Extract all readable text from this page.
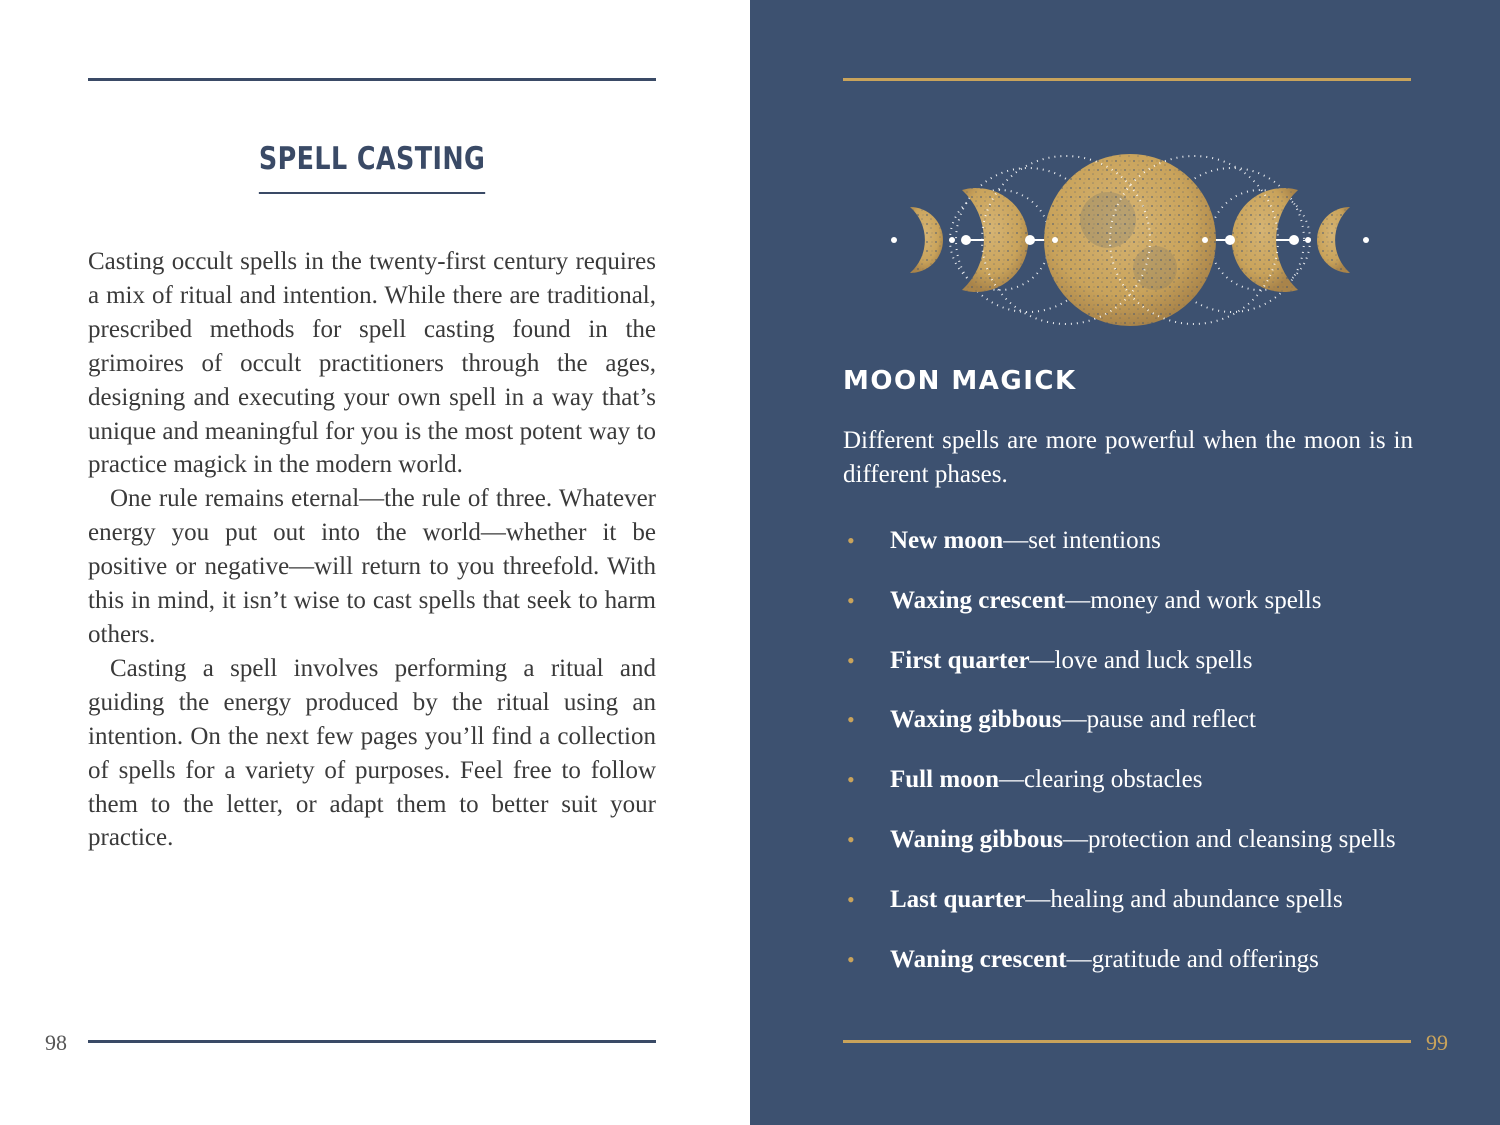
SPELL CASTING

Casting occult spells in the twenty-first century requires a mix of ritual and intention. While there are traditional, prescribed methods for spell casting found in the grimoires of occult practitioners through the ages, designing and executing your own spell in a way that’s unique and meaningful for you is the most potent way to practice magick in the modern world.

One rule remains eternal—the rule of three. Whatever energy you put out into the world—whether it be positive or negative—will return to you threefold. With this in mind, it isn’t wise to cast spells that seek to harm others.

Casting a spell involves performing a ritual and guiding the energy produced by the ritual using an intention. On the next few pages you’ll find a collection of spells for a variety of purposes. Feel free to follow them to the letter, or adapt them to better suit your practice.

98
MOON MAGICK
Different spells are more powerful when the moon is in different phases.
• New moon—set intentions
• Waxing crescent—money and work spells
• First quarter—love and luck spells
• Waxing gibbous—pause and reflect
• Full moon—clearing obstacles
• Waning gibbous—protection and cleansing spells
• Last quarter—healing and abundance spells
• Waning crescent—gratitude and offerings
99
